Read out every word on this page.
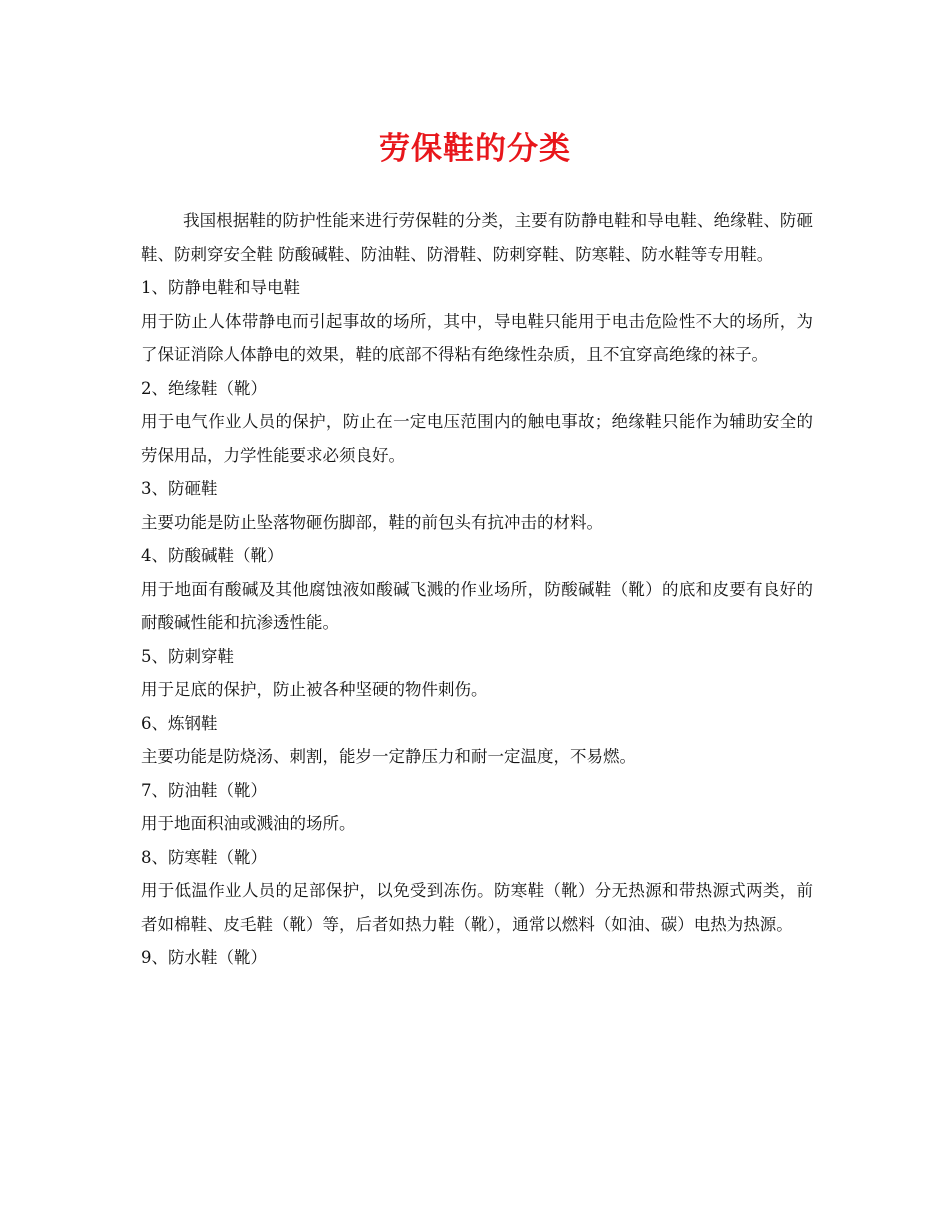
劳保鞋的分类

我国根据鞋的防护性能来进行劳保鞋的分类，主要有防静电鞋和导电鞋、绝缘鞋、防砸鞋、防刺穿安全鞋 防酸碱鞋、防油鞋、防滑鞋、防刺穿鞋、防寒鞋、防水鞋等专用鞋。

1、防静电鞋和导电鞋

用于防止人体带静电而引起事故的场所，其中，导电鞋只能用于电击危险性不大的场所，为了保证消除人体静电的效果，鞋的底部不得粘有绝缘性杂质，且不宜穿高绝缘的袜子。

2、绝缘鞋（靴）

用于电气作业人员的保护，防止在一定电压范围内的触电事故；绝缘鞋只能作为辅助安全的劳保用品，力学性能要求必须良好。

3、防砸鞋

主要功能是防止坠落物砸伤脚部，鞋的前包头有抗冲击的材料。

4、防酸碱鞋（靴）

用于地面有酸碱及其他腐蚀液如酸碱飞溅的作业场所，防酸碱鞋（靴）的底和皮要有良好的耐酸碱性能和抗渗透性能。

5、防刺穿鞋

用于足底的保护，防止被各种坚硬的物件刺伤。

6、炼钢鞋

主要功能是防烧汤、刺割，能岁一定静压力和耐一定温度，不易燃。

7、防油鞋（靴）

用于地面积油或溅油的场所。

8、防寒鞋（靴）

用于低温作业人员的足部保护，以免受到冻伤。防寒鞋（靴）分无热源和带热源式两类，前者如棉鞋、皮毛鞋（靴）等，后者如热力鞋（靴），通常以燃料（如油、碳）电热为热源。

9、防水鞋（靴）
